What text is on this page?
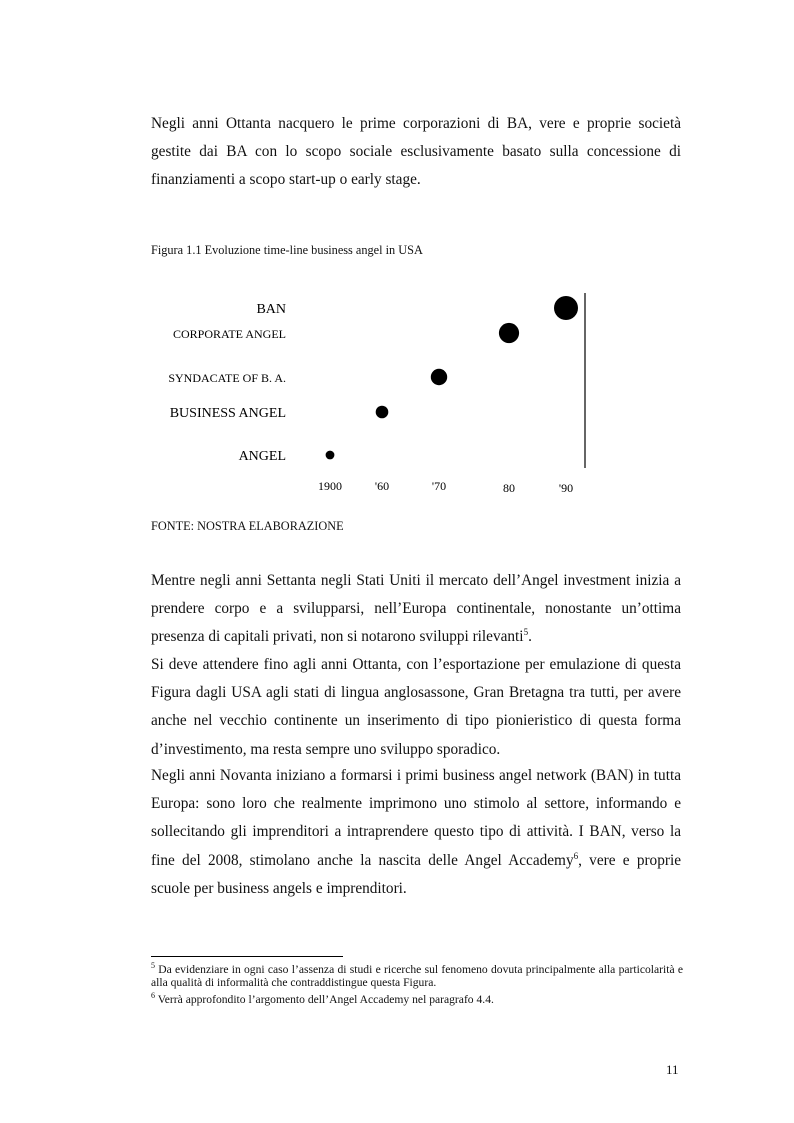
Negli anni Ottanta nacquero le prime corporazioni di BA, vere e proprie società gestite dai BA con lo scopo sociale esclusivamente basato sulla concessione di finanziamenti a scopo start-up o early stage.

Figura 1.1 Evoluzione time-line business angel in USA

ANGEL
BUSINESS ANGEL
SYNDACATE OF B. A.
CORPORATE ANGEL
BAN
1900	'60	'70	80	'90

FONTE: NOSTRA ELABORAZIONE

Mentre negli anni Settanta negli Stati Uniti il mercato dell’Angel investment inizia a prendere corpo e a svilupparsi, nell’Europa continentale, nonostante un’ottima presenza di capitali privati, non si notarono sviluppi rilevanti$^5$.

Si deve attendere fino agli anni Ottanta, con l’esportazione per emulazione di questa Figura dagli USA agli stati di lingua anglosassone, Gran Bretagna tra tutti, per avere anche nel vecchio continente un inserimento di tipo pionieristico di questa forma d’investimento, ma resta sempre uno sviluppo sporadico.

Negli anni Novanta iniziano a formarsi i primi business angel network (BAN) in tutta Europa: sono loro che realmente imprimono uno stimolo al settore, informando e sollecitando gli imprenditori a intraprendere questo tipo di attività. I BAN, verso la fine del 2008, stimolano anche la nascita delle Angel Accademy$^6$, vere e proprie scuole per business angels e imprenditori.

$^5$ Da evidenziare in ogni caso l’assenza di studi e ricerche sul fenomeno dovuta principalmente alla particolarità e alla qualità di informalità che contraddistingue questa Figura.

$^6$ Verrà approfondito l’argomento dell’Angel Accademy nel paragrafo 4.4.

11
